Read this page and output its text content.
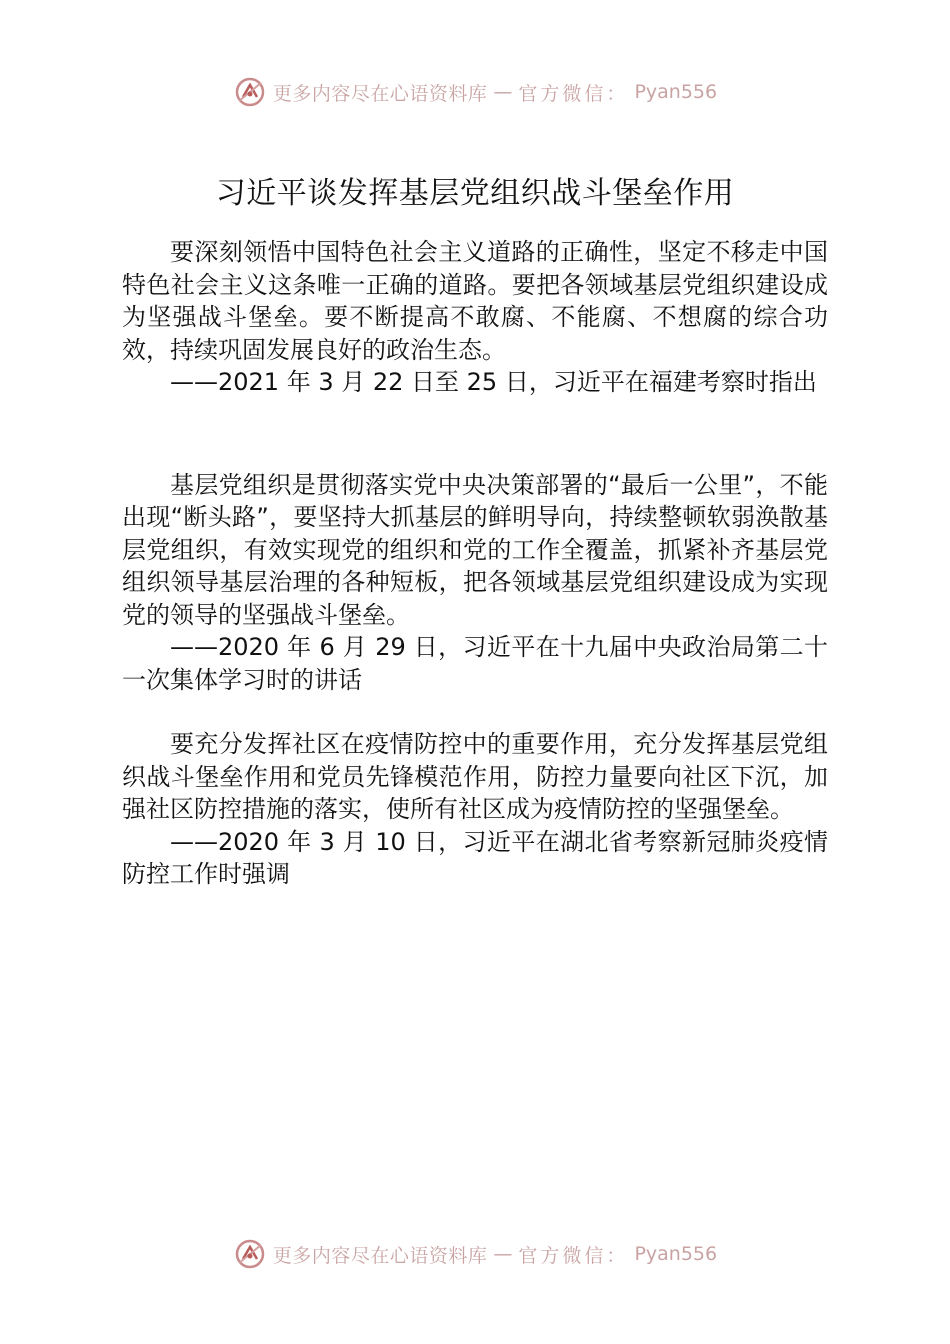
更多内容尽在心语资料库 — 官方微信： Pyan556
习近平谈发挥基层党组织战斗堡垒作用

要深刻领悟中国特色社会主义道路的正确性，坚定不移走中国特色社会主义这条唯一正确的道路。要把各领域基层党组织建设成为坚强战斗堡垒。要不断提高不敢腐、不能腐、不想腐的综合功效，持续巩固发展良好的政治生态。

——2021 年 3 月 22 日至 25 日，习近平在福建考察时指出

基层党组织是贯彻落实党中央决策部署的“最后一公里”，不能出现“断头路”，要坚持大抓基层的鲜明导向，持续整顿软弱涣散基层党组织，有效实现党的组织和党的工作全覆盖，抓紧补齐基层党组织领导基层治理的各种短板，把各领域基层党组织建设成为实现党的领导的坚强战斗堡垒。

——2020 年 6 月 29 日，习近平在十九届中央政治局第二十一次集体学习时的讲话

要充分发挥社区在疫情防控中的重要作用，充分发挥基层党组织战斗堡垒作用和党员先锋模范作用，防控力量要向社区下沉，加强社区防控措施的落实，使所有社区成为疫情防控的坚强堡垒。

——2020 年 3 月 10 日，习近平在湖北省考察新冠肺炎疫情防控工作时强调

更多内容尽在心语资料库 — 官方微信： Pyan556
